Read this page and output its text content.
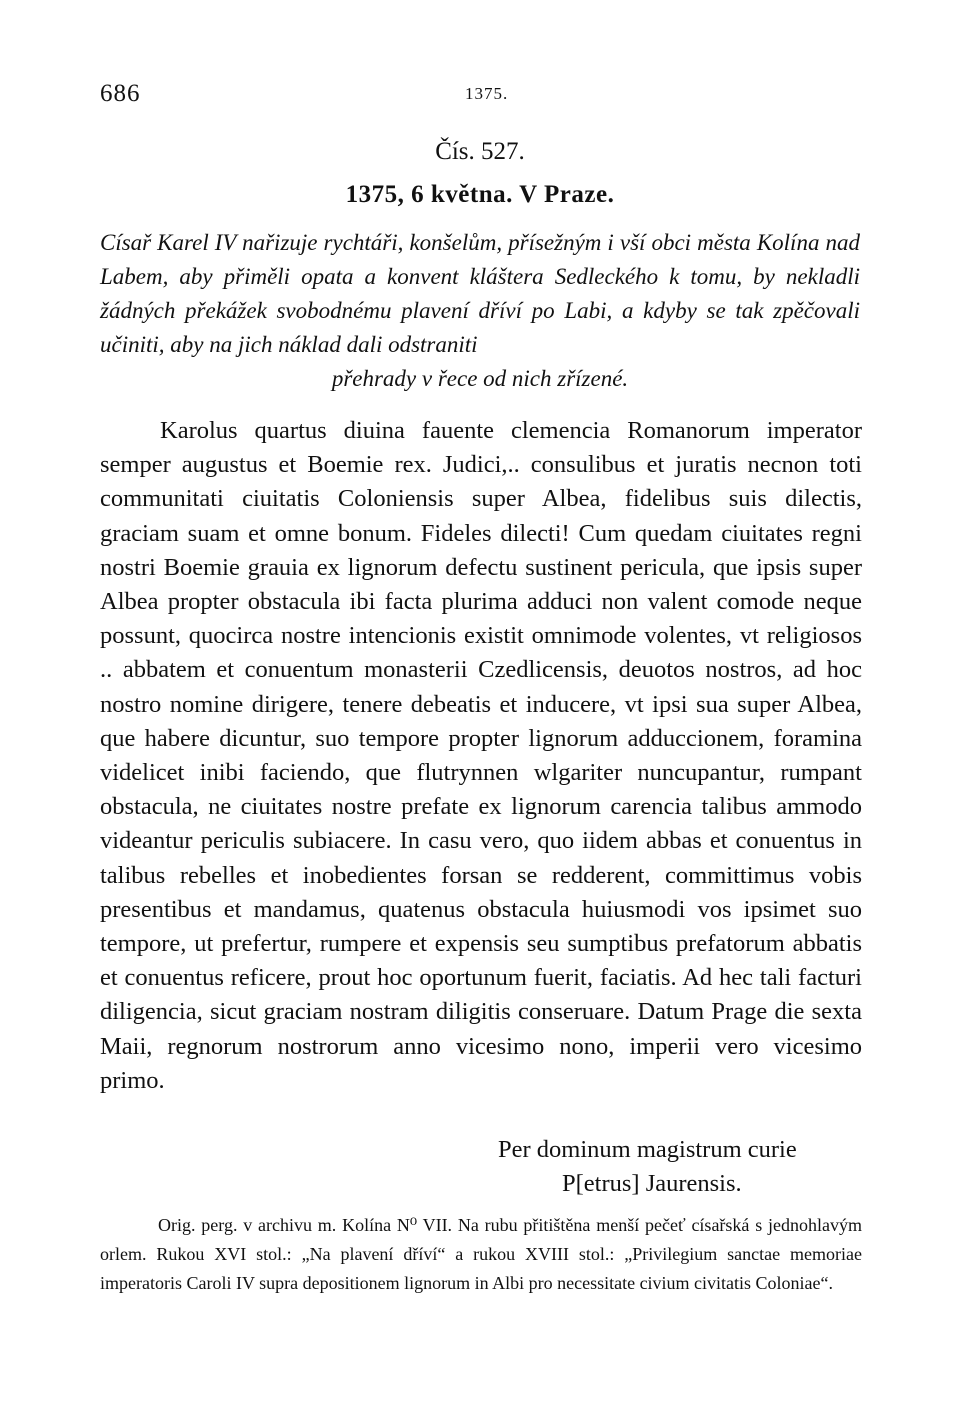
686	1375.
Čís. 527.
1375, 6 května. V Praze.

Císař Karel IV nařizuje rychtáři, konšelům, přísežným i vší obci města Kolína nad Labem, aby přiměli opata a konvent kláštera Sedleckého k tomu, by nekladli žádných překážek svobodnému plavení dříví po Labi, a kdyby se tak zpěčovali učiniti, aby na jich náklad dali odstraniti

přehrady v řece od nich zřízené.

Karolus quartus diuina fauente clemencia Romanorum imperator semper augustus et Boemie rex. Judici,.. consulibus et juratis necnon toti communitati ciuitatis Coloniensis super Albea, fidelibus suis dilectis, graciam suam et omne bonum. Fideles dilecti! Cum quedam ciuitates regni nostri Boemie grauia ex lignorum defectu sustinent pericula, que ipsis super Albea propter obstacula ibi facta plurima adduci non valent comode neque possunt, quocirca nostre intencionis existit omnimode volentes, vt religiosos .. abbatem et conuentum monasterii Czedlicensis, deuotos nostros, ad hoc nostro nomine dirigere, tenere debeatis et inducere, vt ipsi sua super Albea, que habere dicuntur, suo tempore propter lignorum adduccionem, foramina videlicet inibi faciendo, que flutrynnen wlgariter nuncupantur, rumpant obstacula, ne ciuitates nostre prefate ex lignorum carencia talibus ammodo videantur periculis subiacere. In casu vero, quo iidem abbas et conuentus in talibus rebelles et inobedientes forsan se redderent, committimus vobis presentibus et mandamus, quatenus obstacula huiusmodi vos ipsimet suo tempore, ut prefertur, rumpere et expensis seu sumptibus prefatorum abbatis et conuentus reficere, prout hoc oportunum fuerit, faciatis. Ad hec tali facturi diligencia, sicut graciam nostram diligitis conseruare. Datum Prage die sexta Maii, regnorum nostrorum anno vicesimo nono, imperii vero vicesimo primo.

Per dominum magistrum curie
P[etrus] Jaurensis.

Orig. perg. v archivu m. Kolína N⁰ VII. Na rubu přitištěna menší pečeť císařská s jednohlavým orlem. Rukou XVI stol.: „Na plavení dříví“ a rukou XVIII stol.: „Privilegium sanctae memoriae imperatoris Caroli IV supra depositionem lignorum in Albi pro necessitate civium civitatis Coloniae“.
